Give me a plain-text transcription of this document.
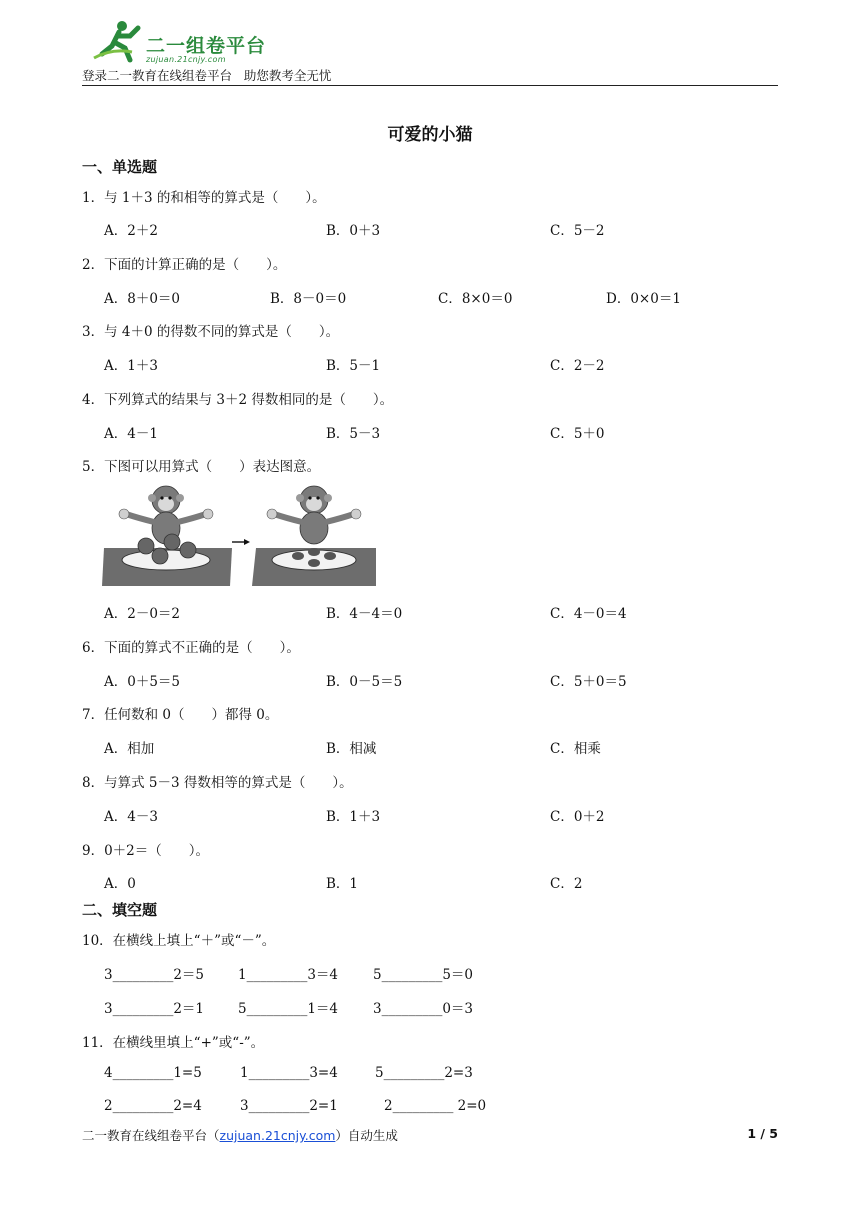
二一组卷平台
zujuan.21cnjy.com
登录二一教育在线组卷平台   助您教考全无忧
可爱的小猫
一、单选题
1．与 1＋3 的和相等的算式是（　　）。
A．2＋2	B．0＋3	C．5－2
2．下面的计算正确的是（　　）。
A．8＋0＝0	B．8－0＝0	C．8×0＝0	D．0×0＝1
3．与 4＋0 的得数不同的算式是（　　）。
A．1＋3	B．5－1	C．2－2
4．下列算式的结果与 3＋2 得数相同的是（　　）。
A．4－1	B．5－3	C．5＋0
5．下图可以用算式（　　）表达图意。
A．2－0＝2	B．4－4＝0	C．4－0＝4
6．下面的算式不正确的是（　　）。
A．0＋5＝5	B．0－5＝5	C．5＋0＝5
7．任何数和 0（　　）都得 0。
A．相加	B．相减	C．相乘
8．与算式 5－3 得数相等的算式是（　　）。
A．4－3	B．1＋3	C．0＋2
9．0＋2＝（　　）。
A．0	B．1	C．2
二、填空题
10．在横线上填上“＋”或“－”。
3_________2＝5	1_________3＝4	5_________5＝0
3_________2＝1	5_________1＝4	3_________0＝3
11．在横线里填上“+”或“-”。
4_________1=5	1_________3=4	5_________2=3
2_________2=4	3_________2=1	2_________ 2=0
二一教育在线组卷平台（zujuan.21cnjy.com）自动生成	1 / 5
